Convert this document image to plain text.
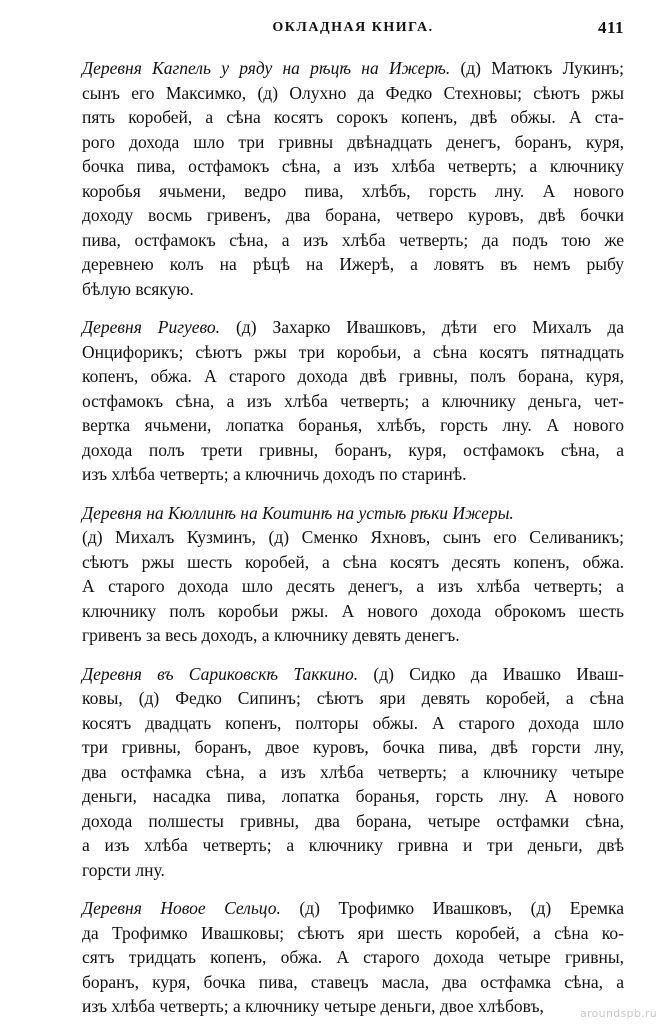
ОКЛАДНАЯ КНИГА.	411
Деревня Кагпель у ряду на рѣцѣ на Ижерѣ. (д) Матюкъ Лукинъ;
сынъ его Максимко, (д) Олухно да Федко Стехновы; сѣютъ ржы
пять коробей, а сѣна косятъ сорокъ копенъ, двѣ обжы. А ста-
рого дохода шло три гривны двѣнадцать денегъ, боранъ, куря,
бочка пива, остфамокъ сѣна, а изъ хлѣба четверть; а ключнику
коробья ячьмени, ведро пива, хлѣбъ, горсть лну. А нового
доходу восмь гривенъ, два борана, четверо куровъ, двѣ бочки
пива, остфамокъ сѣна, а изъ хлѣба четверть; да подъ тою же
деревнею колъ на рѣцѣ на Ижерѣ, а ловятъ въ немъ рыбу
бѣлую всякую.
Деревня Ригуево. (д) Захарко Ивашковъ, дѣти его Михалъ да
Онцифорикъ; сѣютъ ржы три коробьи, а сѣна косятъ пятнадцать
копенъ, обжа. А старого дохода двѣ гривны, полъ борана, куря,
остфамокъ сѣна, а изъ хлѣба четверть; а ключнику деньга, чет-
вертка ячьмени, лопатка боранья, хлѣбъ, горсть лну. А нового
дохода полъ трети гривны, боранъ, куря, остфамокъ сѣна, а
изъ хлѣба четверть; а ключничь доходъ по старинѣ.
Деревня на Кюллинѣ на Коитинѣ на устьѣ рѣки Ижеры.
(д) Михалъ Кузминъ, (д) Сменко Яхновъ, сынъ его Селиваникъ;
сѣютъ ржы шесть коробей, а сѣна косятъ десять копенъ, обжа.
А старого дохода шло десять денегъ, а изъ хлѣба четверть; а
ключнику полъ коробьи ржы. А нового дохода оброкомъ шесть
гривенъ за весь доходъ, а ключнику девять денегъ.
Деревня въ Сариковскѣ Таккино. (д) Сидко да Ивашко Иваш-
ковы, (д) Федко Сипинъ; сѣютъ яри девять коробей, а сѣна
косятъ двадцать копенъ, полторы обжы. А старого дохода шло
три гривны, боранъ, двое куровъ, бочка пива, двѣ горсти лну,
два остфамка сѣна, а изъ хлѣба четверть; а ключнику четыре
деньги, насадка пива, лопатка боранья, горсть лну. А нового
дохода полшесты гривны, два борана, четыре остфамки сѣна,
а изъ хлѣба четверть; а ключнику гривна и три деньги, двѣ
горсти лну.
Деревня Новое Сельцо. (д) Трофимко Ивашковъ, (д) Еремка
да Трофимко Ивашковы; сѣютъ яри шесть коробей, а сѣна ко-
сятъ тридцать копенъ, обжа. А старого дохода четыре гривны,
боранъ, куря, бочка пива, ставецъ масла, два остфамка сѣна, а
изъ хлѣба четверть; а ключнику четыре деньги, двое хлѣбовъ,	aroundspb.ru
